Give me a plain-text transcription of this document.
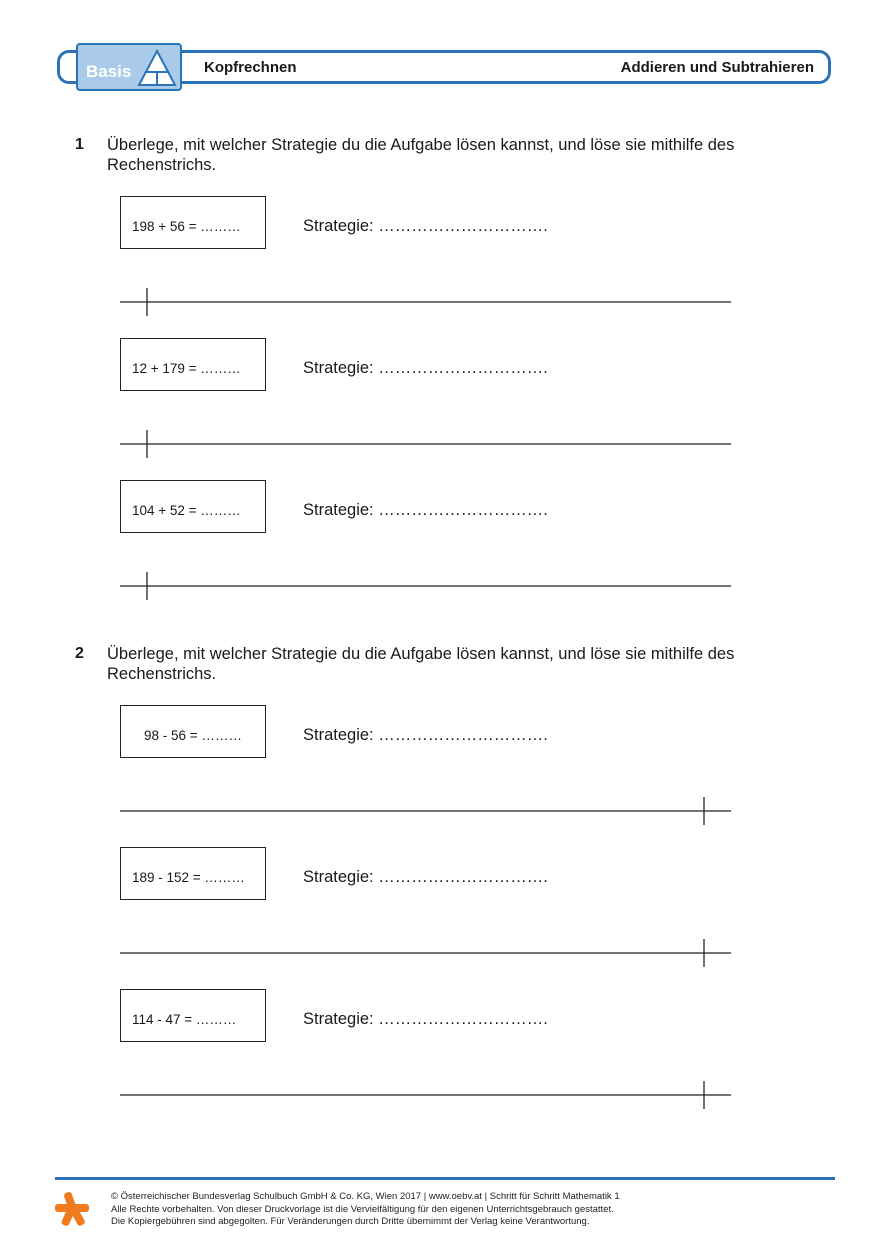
Basis	Kopfrechnen	Addieren und Subtrahieren
1 Überlege, mit welcher Strategie du die Aufgabe lösen kannst, und löse sie mithilfe des Rechenstrichs.
198 + 56 = ………	Strategie: ………………………….
12 + 179 = ………	Strategie: ………………………….
104 + 52 = ………	Strategie: ………………………….
2 Überlege, mit welcher Strategie du die Aufgabe lösen kannst, und löse sie mithilfe des Rechenstrichs.
98 - 56 = ………	Strategie: ………………………….
189 - 152 = ………	Strategie: ………………………….
114 - 47 = ………	Strategie: ………………………….
© Österreichischer Bundesverlag Schulbuch GmbH & Co. KG, Wien 2017 | www.oebv.at | Schritt für Schritt Mathematik 1
Alle Rechte vorbehalten. Von dieser Druckvorlage ist die Vervielfältigung für den eigenen Unterrichtsgebrauch gestattet.
Die Kopiergebühren sind abgegolten. Für Veränderungen durch Dritte übernimmt der Verlag keine Verantwortung.
